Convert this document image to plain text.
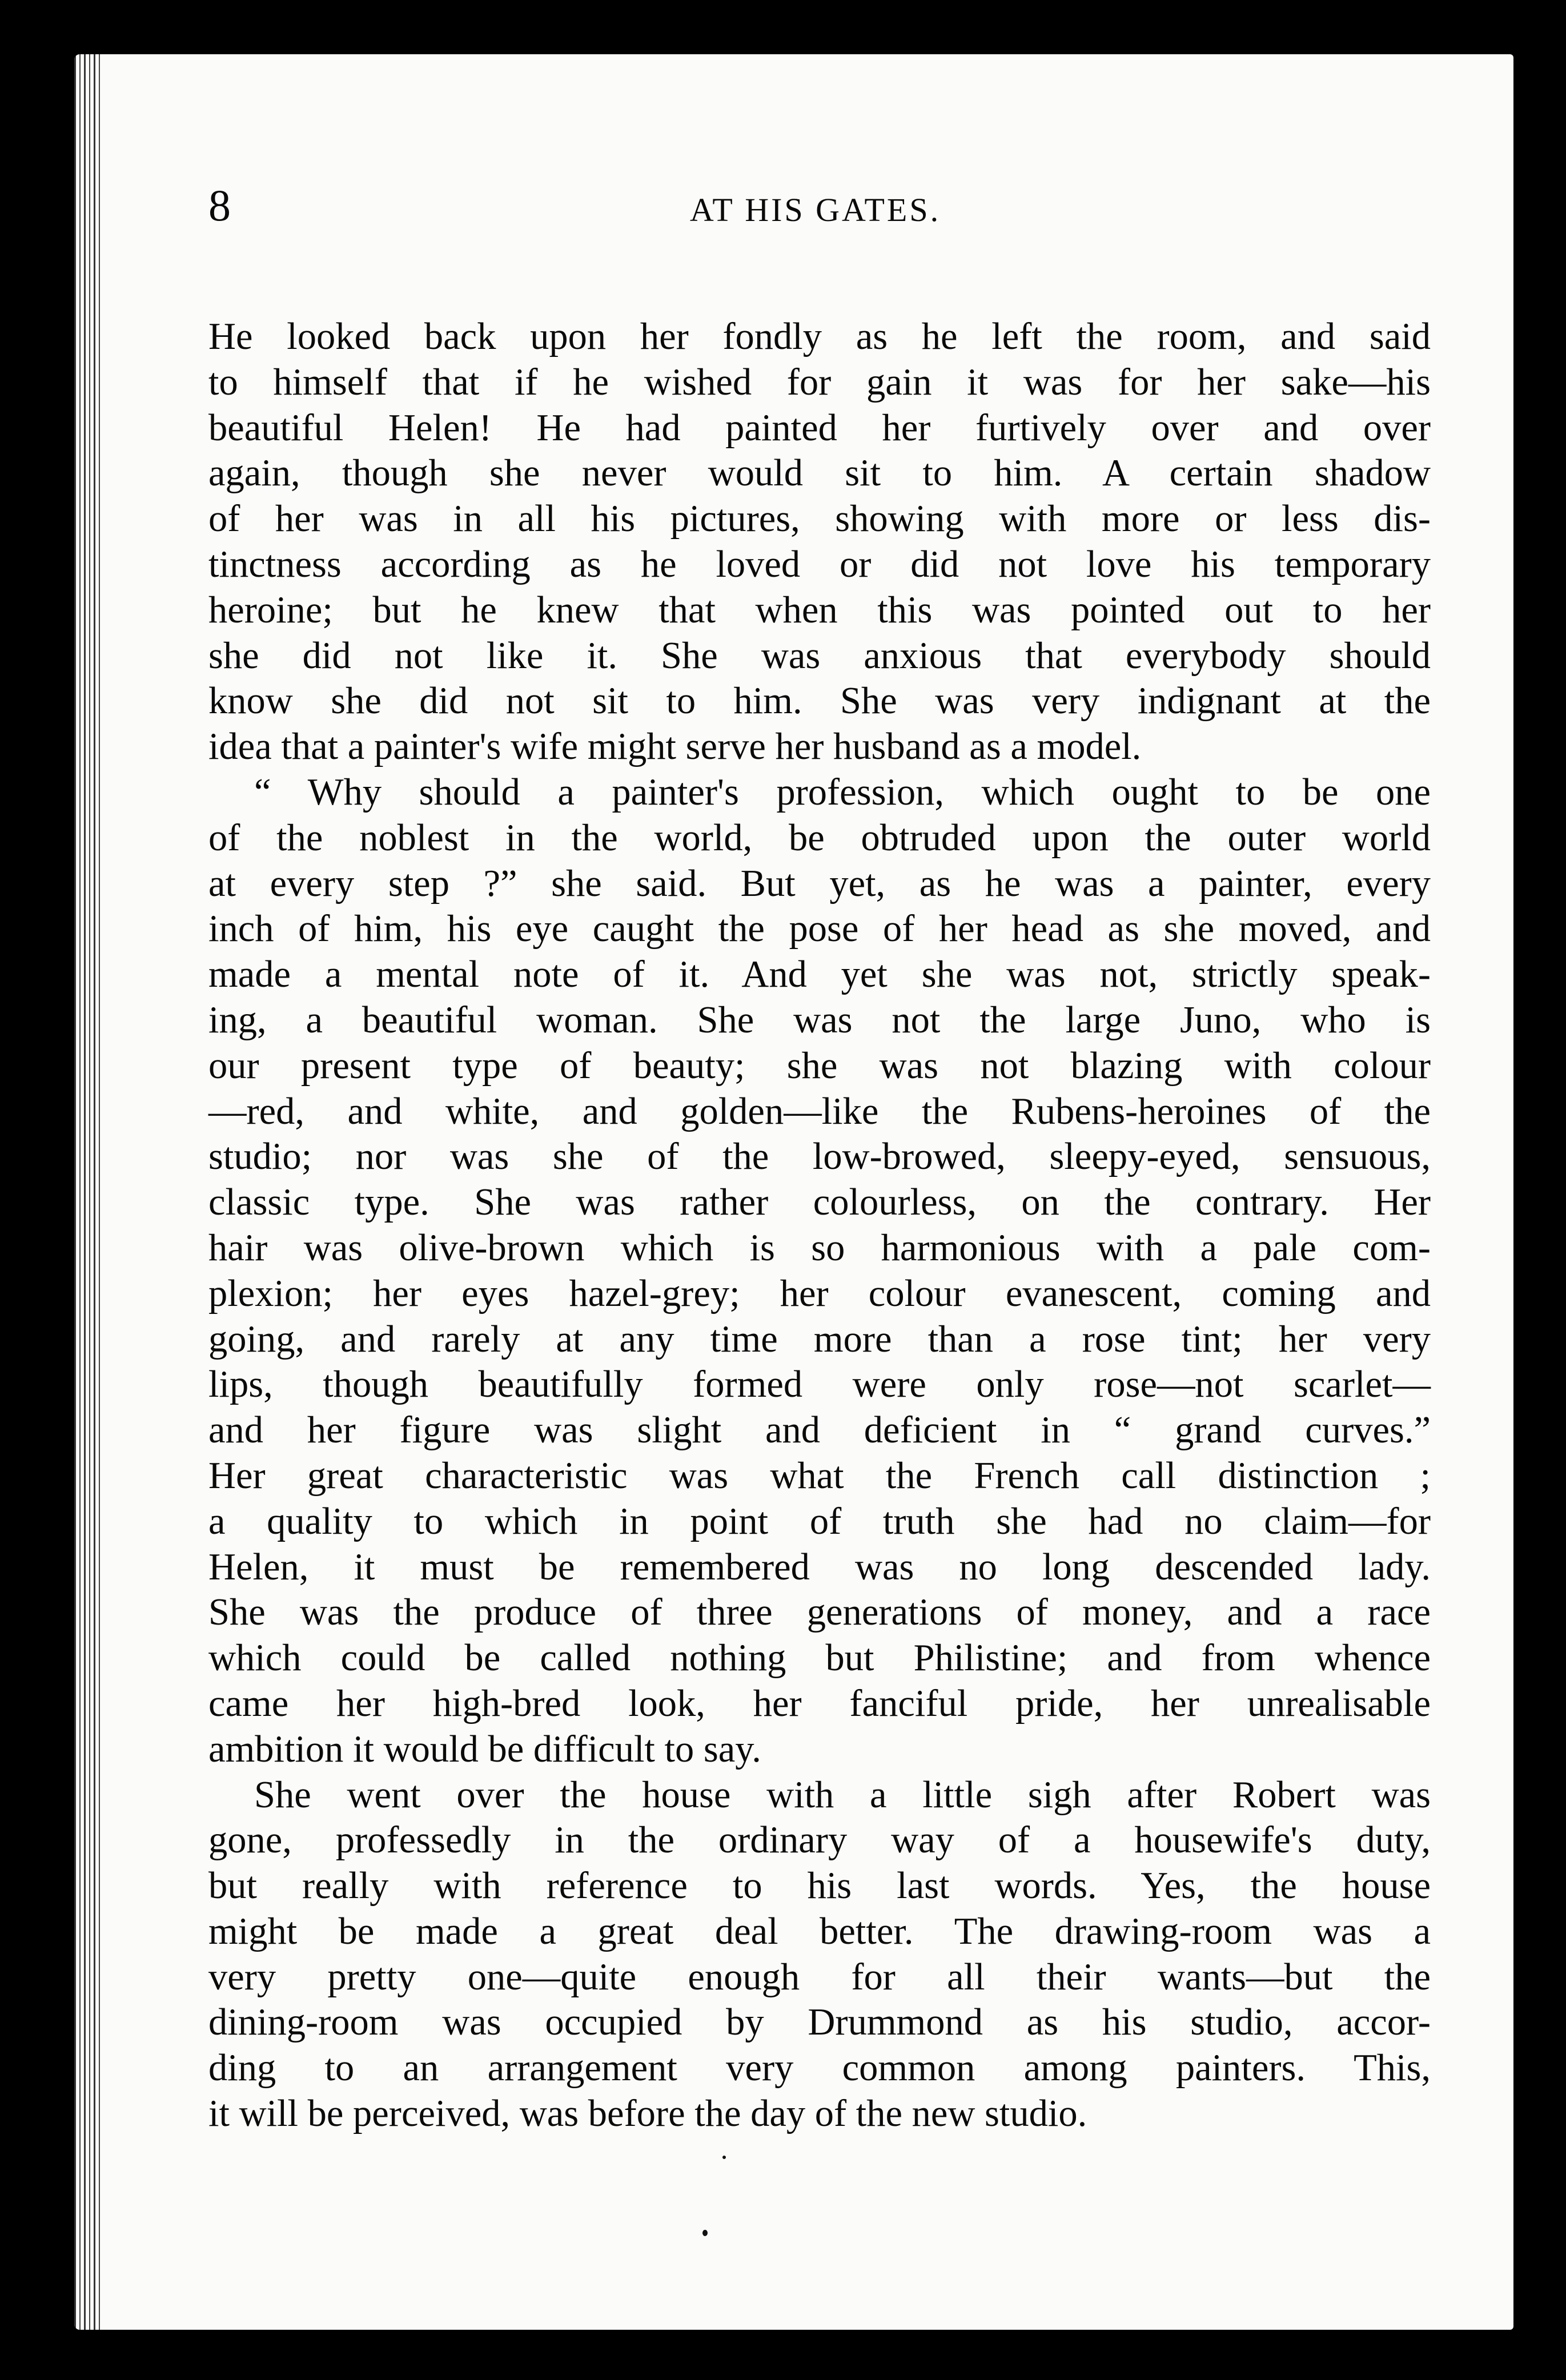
8	AT HIS GATES.
He looked back upon her fondly as he left the room, and said
to himself that if he wished for gain it was for her sake—his
beautiful Helen! He had painted her furtively over and over
again, though she never would sit to him. A certain shadow
of her was in all his pictures, showing with more or less dis-
tinctness according as he loved or did not love his temporary
heroine; but he knew that when this was pointed out to her
she did not like it. She was anxious that everybody should
know she did not sit to him. She was very indignant at the
idea that a painter's wife might serve her husband as a model.
“ Why should a painter's profession, which ought to be one
of the noblest in the world, be obtruded upon the outer world
at every step ?” she said. But yet, as he was a painter, every
inch of him, his eye caught the pose of her head as she moved, and
made a mental note of it. And yet she was not, strictly speak-
ing, a beautiful woman. She was not the large Juno, who is
our present type of beauty; she was not blazing with colour
—red, and white, and golden—like the Rubens-heroines of the
studio; nor was she of the low-browed, sleepy-eyed, sensuous,
classic type. She was rather colourless, on the contrary. Her
hair was olive-brown which is so harmonious with a pale com-
plexion; her eyes hazel-grey; her colour evanescent, coming and
going, and rarely at any time more than a rose tint; her very
lips, though beautifully formed were only rose—not scarlet—
and her figure was slight and deficient in “ grand curves.”
Her great characteristic was what the French call distinction ;
a quality to which in point of truth she had no claim—for
Helen, it must be remembered was no long descended lady.
She was the produce of three generations of money, and a race
which could be called nothing but Philistine; and from whence
came her high-bred look, her fanciful pride, her unrealisable
ambition it would be difficult to say.
She went over the house with a little sigh after Robert was
gone, professedly in the ordinary way of a housewife's duty,
but really with reference to his last words. Yes, the house
might be made a great deal better. The drawing-room was a
very pretty one—quite enough for all their wants—but the
dining-room was occupied by Drummond as his studio, accor-
ding to an arrangement very common among painters. This,
it will be perceived, was before the day of the new studio.
